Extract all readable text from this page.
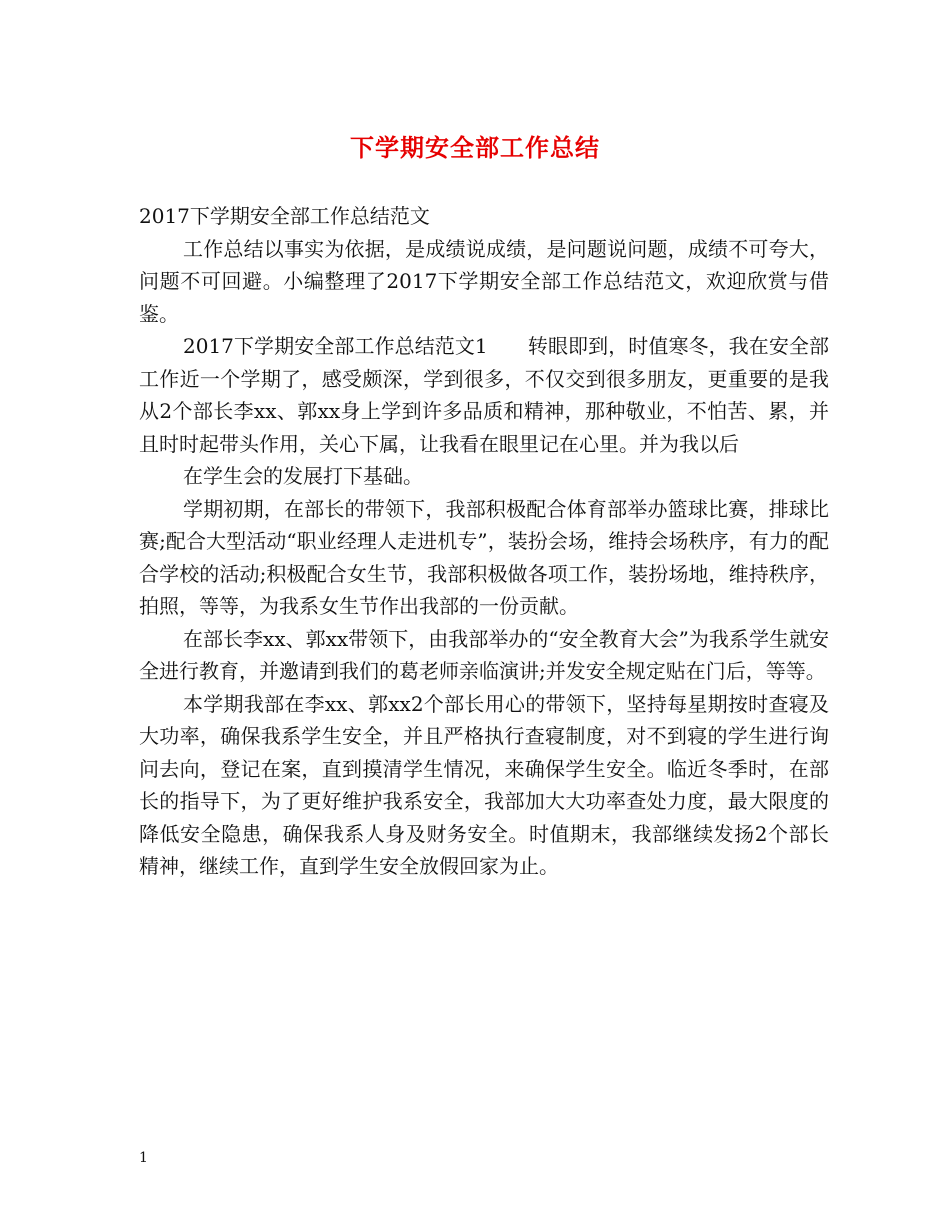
下学期安全部工作总结

2017下学期安全部工作总结范文

工作总结以事实为依据，是成绩说成绩，是问题说问题，成绩不可夸大，问题不可回避。小编整理了2017下学期安全部工作总结范文，欢迎欣赏与借鉴。

2017下学期安全部工作总结范文1　　转眼即到，时值寒冬，我在安全部工作近一个学期了，感受颇深，学到很多，不仅交到很多朋友，更重要的是我从2个部长李xx、郭xx身上学到许多品质和精神，那种敬业，不怕苦、累，并且时时起带头作用，关心下属，让我看在眼里记在心里。并为我以后

在学生会的发展打下基础。

学期初期，在部长的带领下，我部积极配合体育部举办篮球比赛，排球比赛;配合大型活动“职业经理人走进机专”，装扮会场，维持会场秩序，有力的配合学校的活动;积极配合女生节，我部积极做各项工作，装扮场地，维持秩序，拍照，等等，为我系女生节作出我部的一份贡献。

在部长李xx、郭xx带领下，由我部举办的“安全教育大会”为我系学生就安全进行教育，并邀请到我们的葛老师亲临演讲;并发安全规定贴在门后，等等。

本学期我部在李xx、郭xx2个部长用心的带领下，坚持每星期按时查寝及大功率，确保我系学生安全，并且严格执行查寝制度，对不到寝的学生进行询问去向，登记在案，直到摸清学生情况，来确保学生安全。临近冬季时，在部长的指导下，为了更好维护我系安全，我部加大大功率查处力度，最大限度的降低安全隐患，确保我系人身及财务安全。时值期末，我部继续发扬2个部长精神，继续工作，直到学生安全放假回家为止。

1
